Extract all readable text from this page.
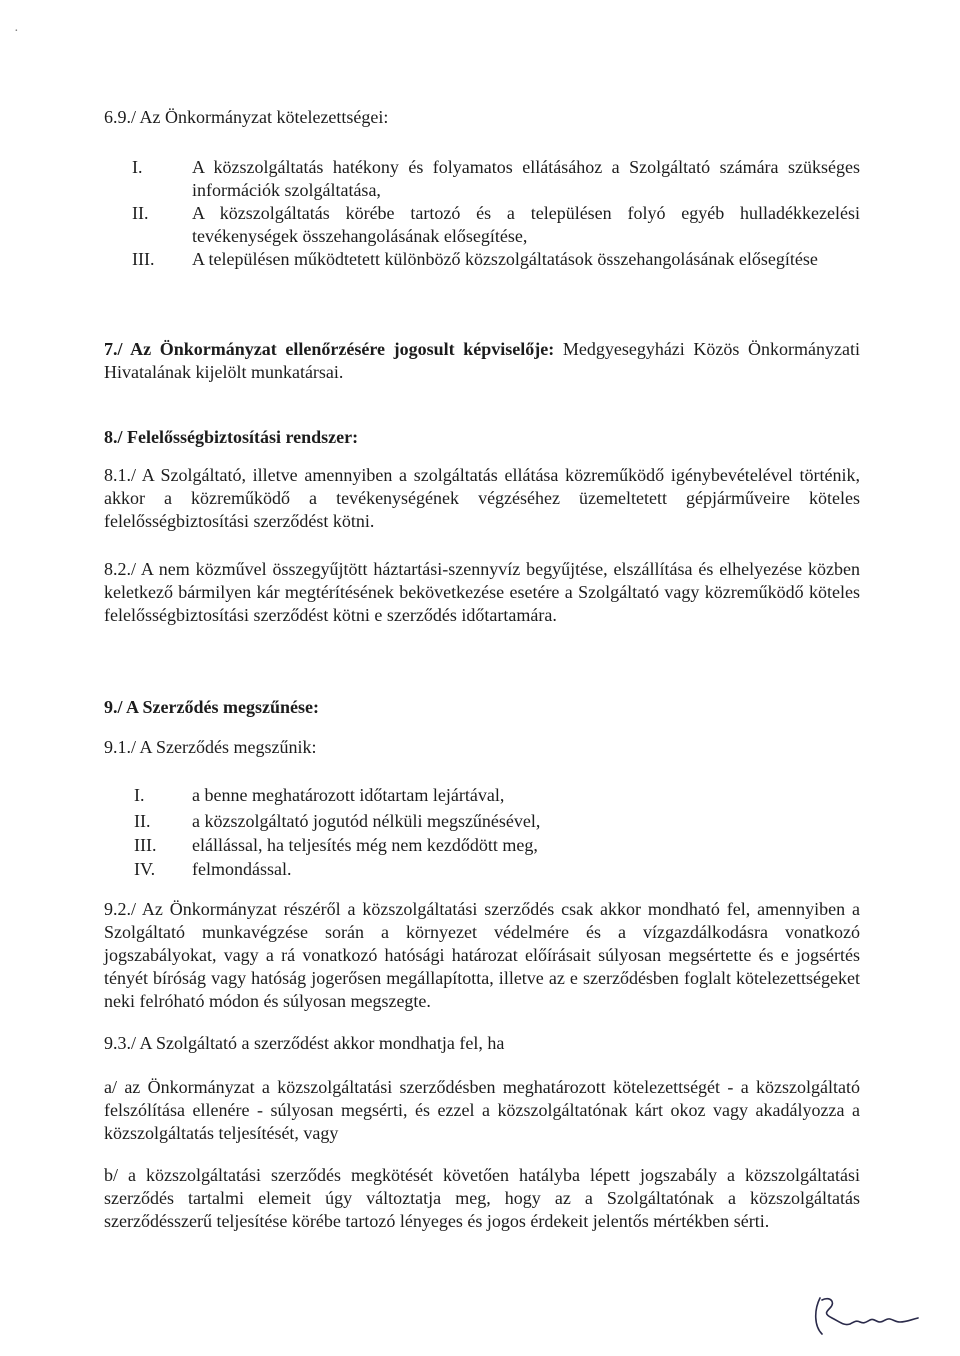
·

6.9./ Az Önkormányzat kötelezettségei:

I.	A közszolgáltatás hatékony és folyamatos ellátásához a Szolgáltató számára szükséges információk szolgáltatása,

II.	A közszolgáltatás körébe tartozó és a településen folyó egyéb hulladékkezelési tevékenységek összehangolásának elősegítése,

III.	A településen működtetett különböző közszolgáltatások összehangolásának elősegítése

7./ Az Önkormányzat ellenőrzésére jogosult képviselője: Medgyesegyházi Közös Önkormányzati Hivatalának kijelölt munkatársai.

8./ Felelősségbiztosítási rendszer:

8.1./ A Szolgáltató, illetve amennyiben a szolgáltatás ellátása közreműködő igénybevételével történik, akkor a közreműködő a tevékenységének végzéséhez üzemeltetett gépjárműveire köteles felelősségbiztosítási szerződést kötni.

8.2./ A nem közművel összegyűjtött háztartási-szennyvíz begyűjtése, elszállítása és elhelyezése közben keletkező bármilyen kár megtérítésének bekövetkezése esetére a Szolgáltató vagy közreműködő köteles felelősségbiztosítási szerződést kötni e szerződés időtartamára.

9./ A Szerződés megszűnése:

9.1./ A Szerződés megszűnik:

I.	a benne meghatározott időtartam lejártával,

II.	a közszolgáltató jogutód nélküli megszűnésével,

III.	elállással, ha teljesítés még nem kezdődött meg,

IV.	felmondással.

9.2./ Az Önkormányzat részéről a közszolgáltatási szerződés csak akkor mondható fel, amennyiben a Szolgáltató munkavégzése során a környezet védelmére és a vízgazdálkodásra vonatkozó jogszabályokat, vagy a rá vonatkozó hatósági határozat előírásait súlyosan megsértette és e jogsértés tényét bíróság vagy hatóság jogerősen megállapította, illetve az e szerződésben foglalt kötelezettségeket neki felróható módon és súlyosan megszegte.

9.3./ A Szolgáltató a szerződést akkor mondhatja fel, ha

a/ az Önkormányzat a közszolgáltatási szerződésben meghatározott kötelezettségét - a közszolgáltató felszólítása ellenére - súlyosan megsérti, és ezzel a közszolgáltatónak kárt okoz vagy akadályozza a közszolgáltatás teljesítését, vagy

b/ a közszolgáltatási szerződés megkötését követően hatályba lépett jogszabály a közszolgáltatási szerződés tartalmi elemeit úgy változtatja meg, hogy az a Szolgáltatónak a közszolgáltatás szerződésszerű teljesítése körébe tartozó lényeges és jogos érdekeit jelentős mértékben sérti.
